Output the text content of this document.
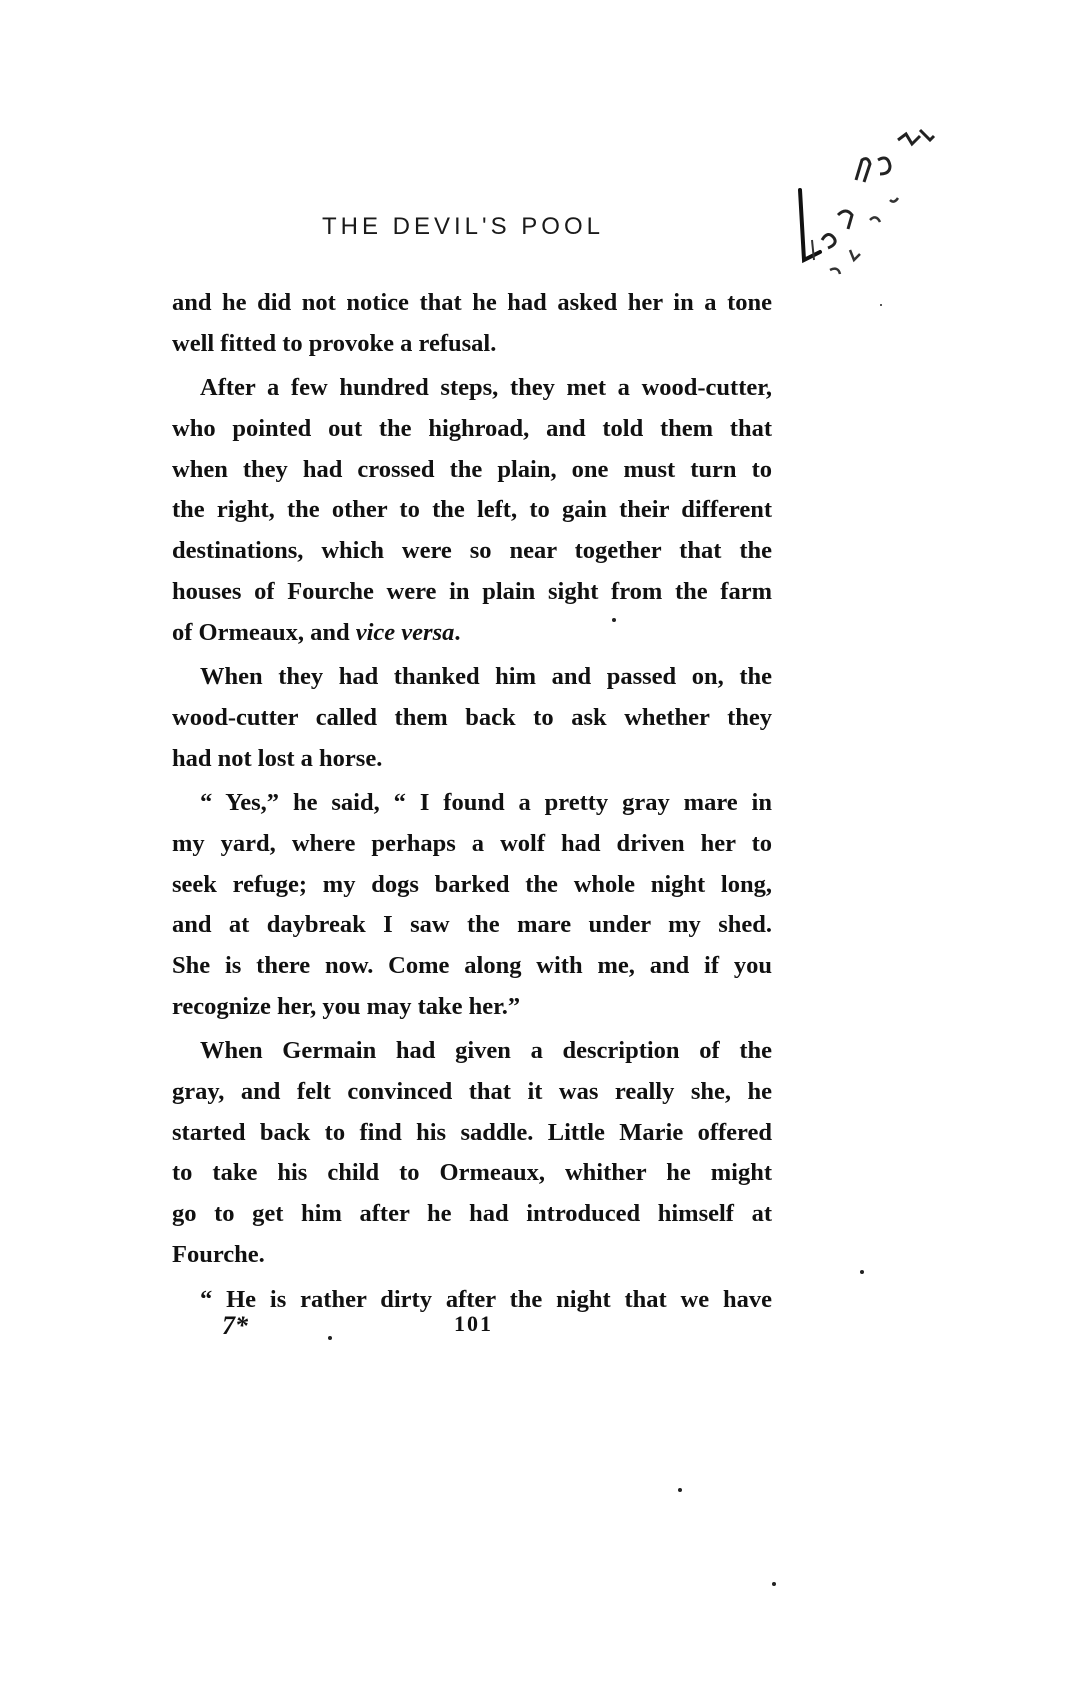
THE DEVIL'S POOL
and he did not notice that he had asked her in a tone
well fitted to provoke a refusal.
After a few hundred steps, they met a wood-cutter,
who pointed out the highroad, and told them that
when they had crossed the plain, one must turn to
the right, the other to the left, to gain their different
destinations, which were so near together that the
houses of Fourche were in plain sight from the farm
of Ormeaux, and vice versa.
When they had thanked him and passed on, the
wood-cutter called them back to ask whether they
had not lost a horse.
“ Yes,” he said, “ I found a pretty gray mare in
my yard, where perhaps a wolf had driven her to
seek refuge; my dogs barked the whole night long,
and at daybreak I saw the mare under my shed.
She is there now. Come along with me, and if you
recognize her, you may take her.”
When Germain had given a description of the
gray, and felt convinced that it was really she, he
started back to find his saddle. Little Marie offered
to take his child to Ormeaux, whither he might
go to get him after he had introduced himself at
Fourche.
“ He is rather dirty after the night that we have
7*	101
